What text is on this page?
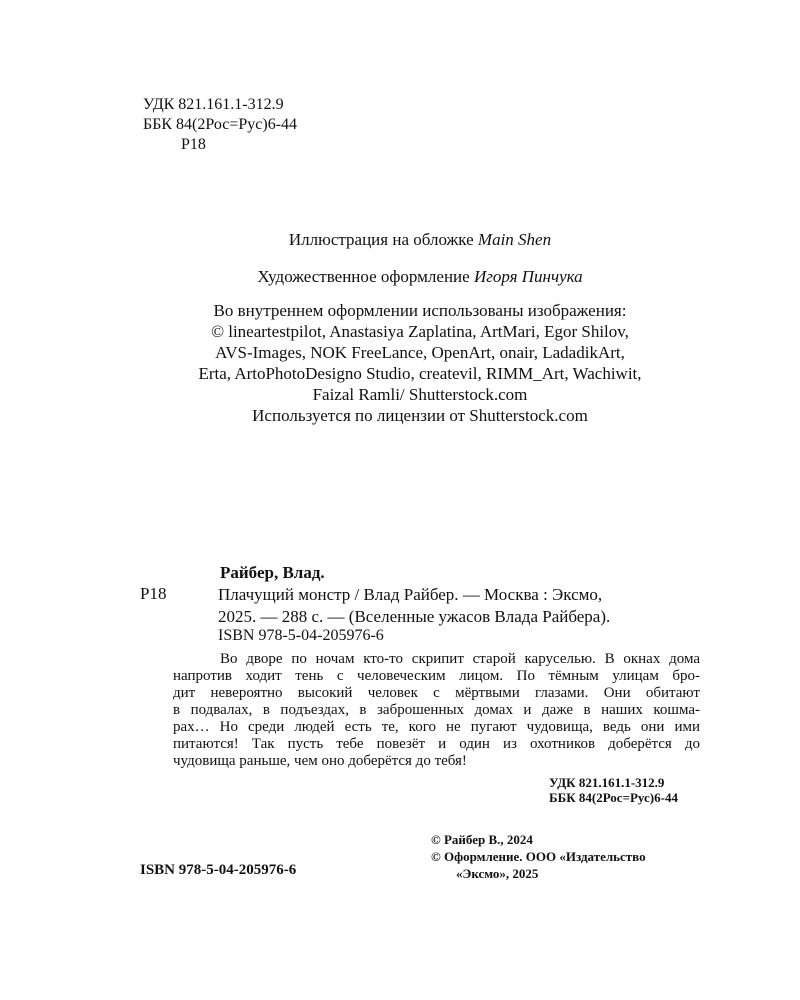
УДК 821.161.1-312.9
ББК 84(2Рос=Рус)6-44
Р18
Иллюстрация на обложке Main Shen
Художественное оформление Игоря Пинчука
Во внутреннем оформлении использованы изображения:
© lineartestpilot, Anastasiya Zaplatina, ArtMari, Egor Shilov,
AVS-Images, NOK FreeLance, OpenArt, onair, LadadikArt,
Erta, ArtoPhotoDesigno Studio, createvil, RIMM_Art, Wachiwit,
Faizal Ramli/ Shutterstock.com
Используется по лицензии от Shutterstock.com
Райбер, Влад.
Р18	Плачущий монстр / Влад Райбер. — Москва : Эксмо,
2025. — 288 с. — (Вселенные ужасов Влада Райбера).
ISBN 978-5-04-205976-6
Во дворе по ночам кто-то скрипит старой каруселью. В окнах дома
напротив ходит тень с человеческим лицом. По тёмным улицам бро-
дит невероятно высокий человек с мёртвыми глазами. Они обитают
в подвалах, в подъездах, в заброшенных домах и даже в наших кошма-
рах… Но среди людей есть те, кого не пугают чудовища, ведь они ими
питаются! Так пусть тебе повезёт и один из охотников доберётся до
чудовища раньше, чем оно доберётся до тебя!
УДК 821.161.1-312.9
ББК 84(2Рос=Рус)6-44
© Райбер В., 2024
© Оформление. ООО «Издательство
«Эксмо», 2025
ISBN 978-5-04-205976-6
